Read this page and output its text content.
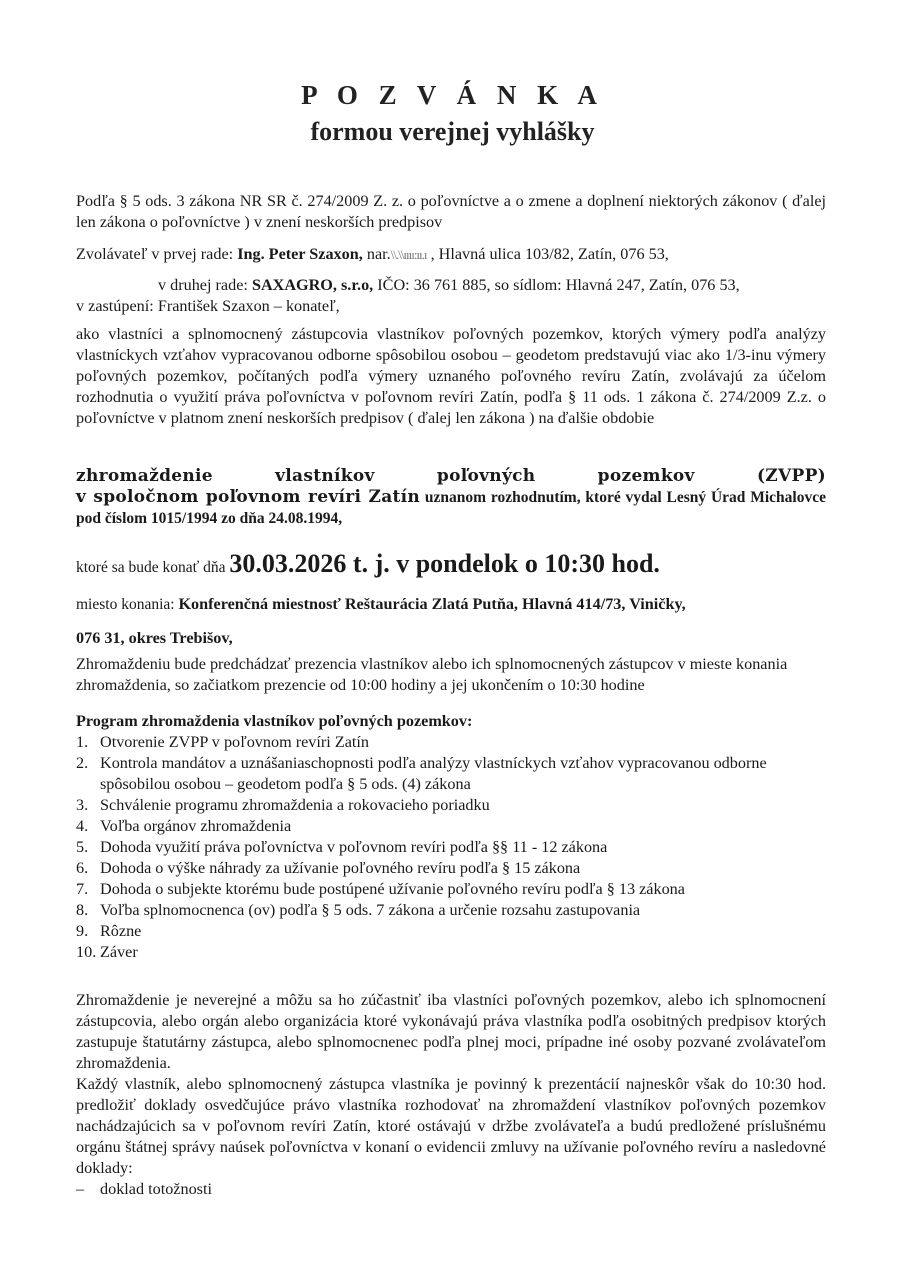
P O Z V Á N K A
formou verejnej vyhlášky
Podľa § 5 ods. 3 zákona NR SR č. 274/2009 Z. z. o poľovníctve a o zmene a doplnení niektorých zákonov ( ďalej len zákona o poľovníctve ) v znení neskorších predpisov
Zvolávateľ v prvej rade: Ing. Peter Szaxon, nar.\\.\\ıııı:ıı.ı , Hlavná ulica 103/82, Zatín, 076 53,
v druhej rade: SAXAGRO, s.r.o, IČO: 36 761 885, so sídlom: Hlavná 247, Zatín, 076 53,
v zastúpení: František Szaxon – konateľ,
ako vlastníci a splnomocnený zástupcovia vlastníkov poľovných pozemkov, ktorých výmery podľa analýzy vlastníckych vzťahov vypracovanou odborne spôsobilou osobou – geodetom predstavujú viac ako 1/3-inu výmery poľovných pozemkov, počítaných podľa výmery uznaného poľovného revíru Zatín, zvolávajú za účelom rozhodnutia o využití práva poľovníctva v poľovnom revíri Zatín, podľa § 11 ods. 1 zákona č. 274/2009 Z.z. o poľovníctve v platnom znení neskorších predpisov ( ďalej len zákona ) na ďalšie obdobie
zhromaždenie vlastníkov poľovných pozemkov (ZVPP)
v spoločnom poľovnom revíri Zatín uznanom rozhodnutím, ktoré vydal Lesný Úrad Michalovce pod číslom 1015/1994 zo dňa 24.08.1994,
ktoré sa bude konať dňa 30.03.2026 t. j. v pondelok o 10:30 hod.
miesto konania: Konferenčná miestnosť Reštaurácia Zlatá Putňa, Hlavná 414/73, Viničky,
076 31, okres Trebišov,
Zhromaždeniu bude predchádzať prezencia vlastníkov alebo ich splnomocnených zástupcov v mieste konania zhromaždenia, so začiatkom prezencie od 10:00 hodiny a jej ukončením o 10:30 hodine
Program zhromaždenia vlastníkov poľovných pozemkov:
1. Otvorenie ZVPP v poľovnom revíri Zatín
2. Kontrola mandátov a uznášaniaschopnosti podľa analýzy vlastníckych vzťahov vypracovanou odborne spôsobilou osobou – geodetom podľa § 5 ods. (4) zákona
3. Schválenie programu zhromaždenia a rokovacieho poriadku
4. Voľba orgánov zhromaždenia
5. Dohoda využití práva poľovníctva v poľovnom revíri podľa §§ 11 - 12 zákona
6. Dohoda o výške náhrady za užívanie poľovného revíru podľa § 15 zákona
7. Dohoda o subjekte ktorému bude postúpené užívanie poľovného revíru podľa § 13 zákona
8. Voľba splnomocnenca (ov) podľa § 5 ods. 7 zákona a určenie rozsahu zastupovania
9. Rôzne
10. Záver
Zhromaždenie je neverejné a môžu sa ho zúčastniť iba vlastníci poľovných pozemkov, alebo ich splnomocnení zástupcovia, alebo orgán alebo organizácia ktoré vykonávajú práva vlastníka podľa osobitných predpisov ktorých zastupuje štatutárny zástupca, alebo splnomocnenec podľa plnej moci, prípadne iné osoby pozvané zvolávateľom zhromaždenia.
Každý vlastník, alebo splnomocnený zástupca vlastníka je povinný k prezentácií najneskôr však do 10:30 hod. predložiť doklady osvedčujúce právo vlastníka rozhodovať na zhromaždení vlastníkov poľovných pozemkov nachádzajúcich sa v poľovnom revíri Zatín, ktoré ostávajú v držbe zvolávateľa a budú predložené príslušnému orgánu štátnej správy naúsek poľovníctva v konaní o evidencii zmluvy na užívanie poľovného revíru a nasledovné doklady:
– doklad totožnosti
